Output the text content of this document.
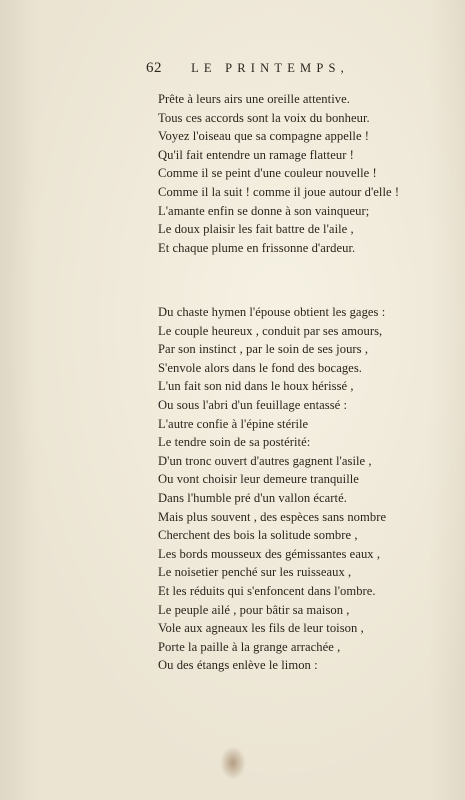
62 LE PRINTEMPS,
Prête à leurs airs une oreille attentive.
Tous ces accords sont la voix du bonheur.
Voyez l'oiseau que sa compagne appelle !
Qu'il fait entendre un ramage flatteur !
Comme il se peint d'une couleur nouvelle !
Comme il la suit ! comme il joue autour d'elle !
L'amante enfin se donne à son vainqueur;
Le doux plaisir les fait battre de l'aile ,
Et chaque plume en frissonne d'ardeur.
Du chaste hymen l'épouse obtient les gages :
Le couple heureux , conduit par ses amours,
Par son instinct , par le soin de ses jours ,
S'envole alors dans le fond des bocages.
L'un fait son nid dans le houx hérissé ,
Ou sous l'abri d'un feuillage entassé :
L'autre confie à l'épine stérile
Le tendre soin de sa postérité:
D'un tronc ouvert d'autres gagnent l'asile ,
Ou vont choisir leur demeure tranquille
Dans l'humble pré d'un vallon écarté.
Mais plus souvent , des espèces sans nombre
Cherchent des bois la solitude sombre ,
Les bords mousseux des gémissantes eaux ,
Le noisetier penché sur les ruisseaux ,
Et les réduits qui s'enfoncent dans l'ombre.
Le peuple ailé , pour bâtir sa maison ,
Vole aux agneaux les fils de leur toison ,
Porte la paille à la grange arrachée ,
Ou des étangs enlève le limon :
